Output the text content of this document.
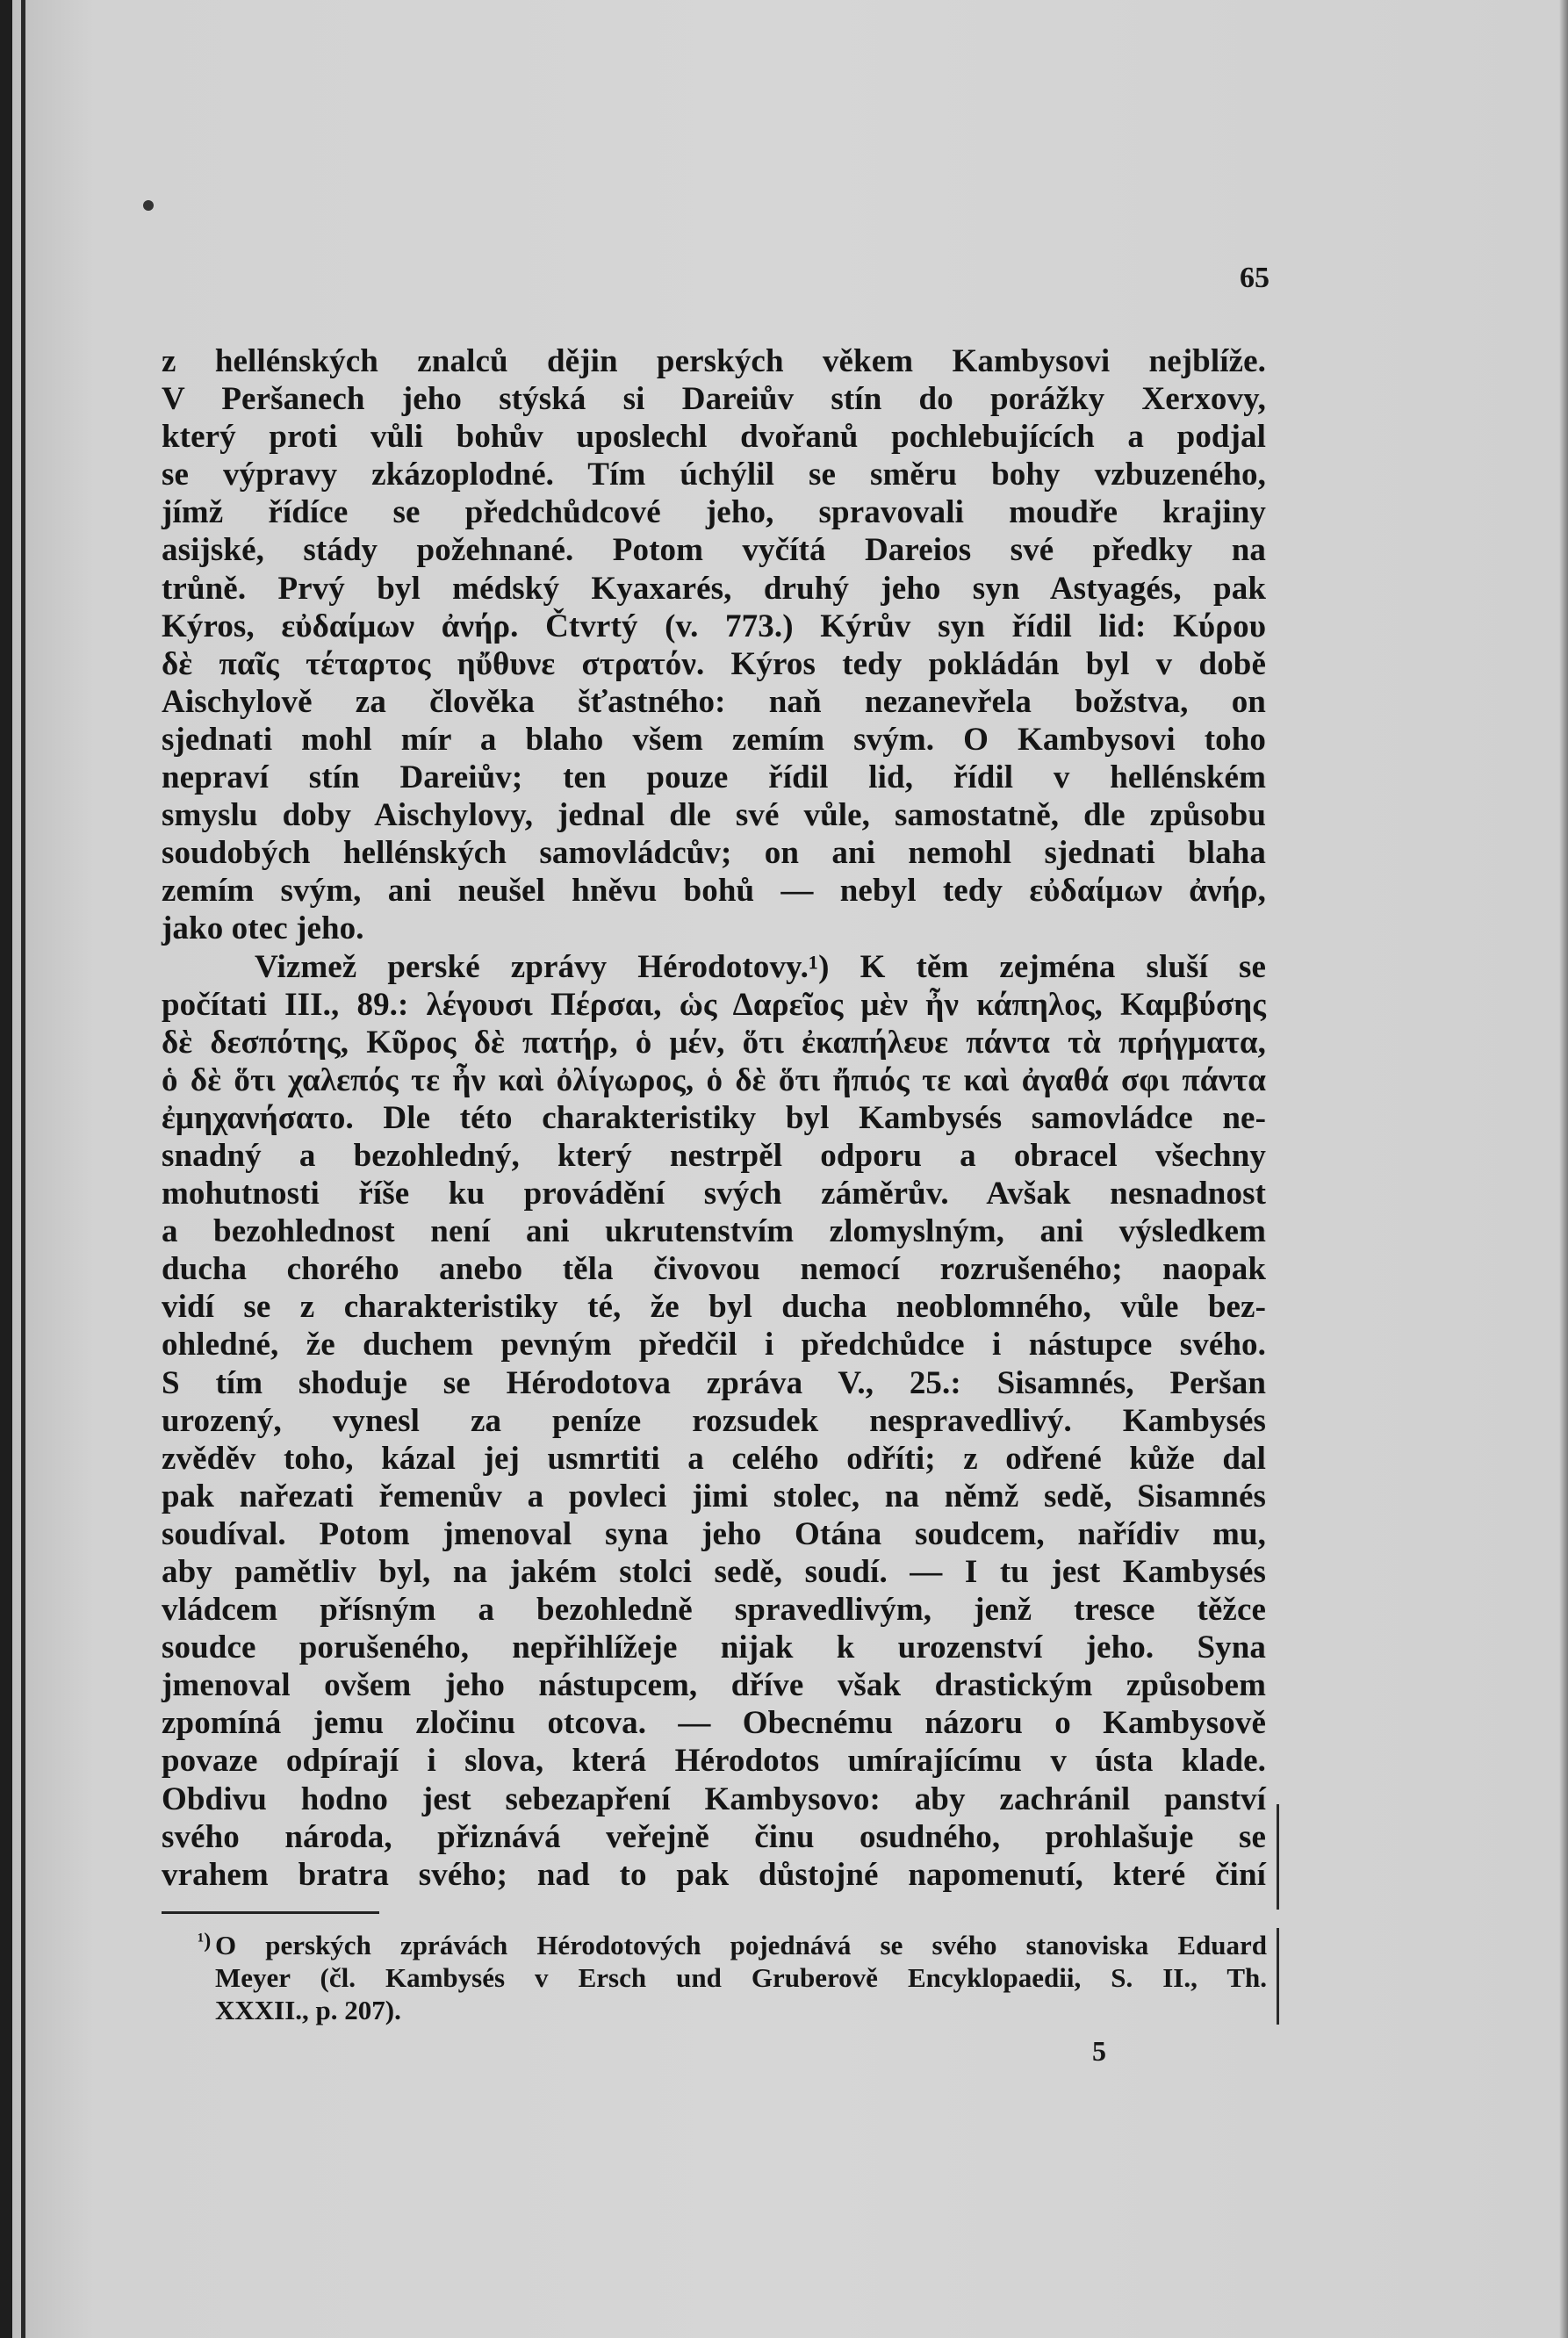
65
z hellénských znalců dějin perských věkem Kambysovi nejblíže.
V Peršanech jeho stýská si Dareiův stín do porážky Xerxovy,
který proti vůli bohův uposlechl dvořanů pochlebujících a podjal
se výpravy zkázoplodné. Tím úchýlil se směru bohy vzbuzeného,
jímž řídíce se předchůdcové jeho, spravovali moudře krajiny
asijské, stády požehnané. Potom vyčítá Dareios své předky na
trůně. Prvý byl médský Kyaxarés, druhý jeho syn Astyagés, pak
Kýros, εὐδαίμων ἀνήρ. Čtvrtý (v. 773.) Kýrův syn řídil lid: Κύρου
δὲ παῖς τέταρτος ηὔθυνε στρατόν. Kýros tedy pokládán byl v době
Aischylově za člověka šťastného: naň nezanevřela božstva, on
sjednati mohl mír a blaho všem zemím svým. O Kambysovi toho
nepraví stín Dareiův; ten pouze řídil lid, řídil v hellénském
smyslu doby Aischylovy, jednal dle své vůle, samostatně, dle způsobu
soudobých hellénských samovládcův; on ani nemohl sjednati blaha
zemím svým, ani neušel hněvu bohů — nebyl tedy εὐδαίμων ἀνήρ,
jako otec jeho.
Vizmež perské zprávy Hérodotovy.¹) K těm zejména sluší se
počítati III., 89.: λέγουσι Πέρσαι, ὡς Δαρεῖος μὲν ἦν κάπηλος, Καμβύσης
δὲ δεσπότης, Κῦρος δὲ πατήρ, ὁ μέν, ὅτι ἐκαπήλευε πάντα τὰ πρήγματα,
ὁ δὲ ὅτι χαλεπός τε ἦν καὶ ὀλίγωρος, ὁ δὲ ὅτι ἤπιός τε καὶ ἀγαθά σφι πάντα
ἐμηχανήσατο. Dle této charakteristiky byl Kambysés samovládce ne-
snadný a bezohledný, který nestrpěl odporu a obracel všechny
mohutnosti říše ku provádění svých záměrův. Avšak nesnadnost
a bezohlednost není ani ukrutenstvím zlomyslným, ani výsledkem
ducha chorého anebo těla čivovou nemocí rozrušeného; naopak
vidí se z charakteristiky té, že byl ducha neoblomného, vůle bez-
ohledné, že duchem pevným předčil i předchůdce i nástupce svého.
S tím shoduje se Hérodotova zpráva V., 25.: Sisamnés, Peršan
urozený, vynesl za peníze rozsudek nespravedlivý. Kambysés
zvěděv toho, kázal jej usmrtiti a celého odříti; z odřené kůže dal
pak nařezati řemenův a povleci jimi stolec, na němž sedě, Sisamnés
soudíval. Potom jmenoval syna jeho Otána soudcem, nařídiv mu,
aby pamětliv byl, na jakém stolci sedě, soudí. — I tu jest Kambysés
vládcem přísným a bezohledně spravedlivým, jenž tresce těžce
soudce porušeného, nepřihlížeje nijak k urozenství jeho. Syna
jmenoval ovšem jeho nástupcem, dříve však drastickým způsobem
zpomíná jemu zločinu otcova. — Obecnému názoru o Kambysově
povaze odpírají i slova, která Hérodotos umírajícímu v ústa klade.
Obdivu hodno jest sebezapření Kambysovo: aby zachránil panství
svého národa, přiznává veřejně činu osudného, prohlašuje se
vrahem bratra svého; nad to pak důstojné napomenutí, které činí
¹) O perských zprávách Hérodotových pojednává se svého stanoviska Eduard
Meyer (čl. Kambysés v Ersch und Gruberově Encyklopaedii, S. II., Th.
XXXII., p. 207).
5
